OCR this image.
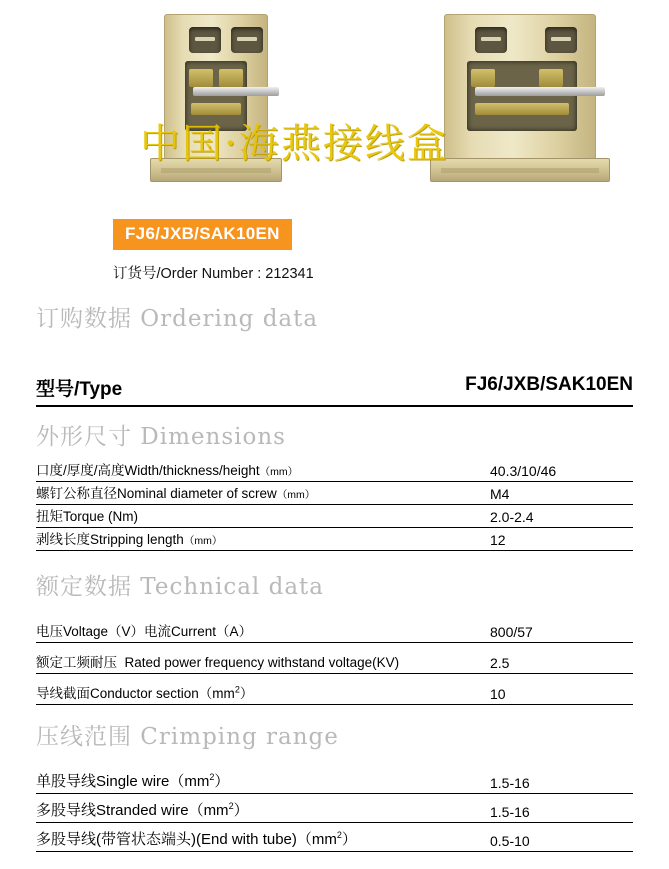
中国·海燕接线盒
FJ6/JXB/SAK10EN
订货号/Order Number : 212341
订购数据 Ordering data
型号/Type	FJ6/JXB/SAK10EN
外形尺寸 Dimensions
口度/厚度/高度Width/thickness/height（mm）	40.3/10/46
螺钉公称直径Nominal diameter of screw（mm）	M4
扭矩Torque (Nm)	2.0-2.4
剥线长度Stripping length（mm）	12
额定数据 Technical data
电压Voltage（V）电流Current（A）	800/57
额定工频耐压 Rated power frequency withstand voltage(KV)	2.5
导线截面Conductor $section(mm^2)$	10
压线范围 Crimping range
单股导线Single $wire(mm^2)$	1.5-16
多股导线Stranded $wire(mm^2)$	1.5-16
多股导线(带管状态端头)(End with $tube)(mm^2)$	0.5-10
